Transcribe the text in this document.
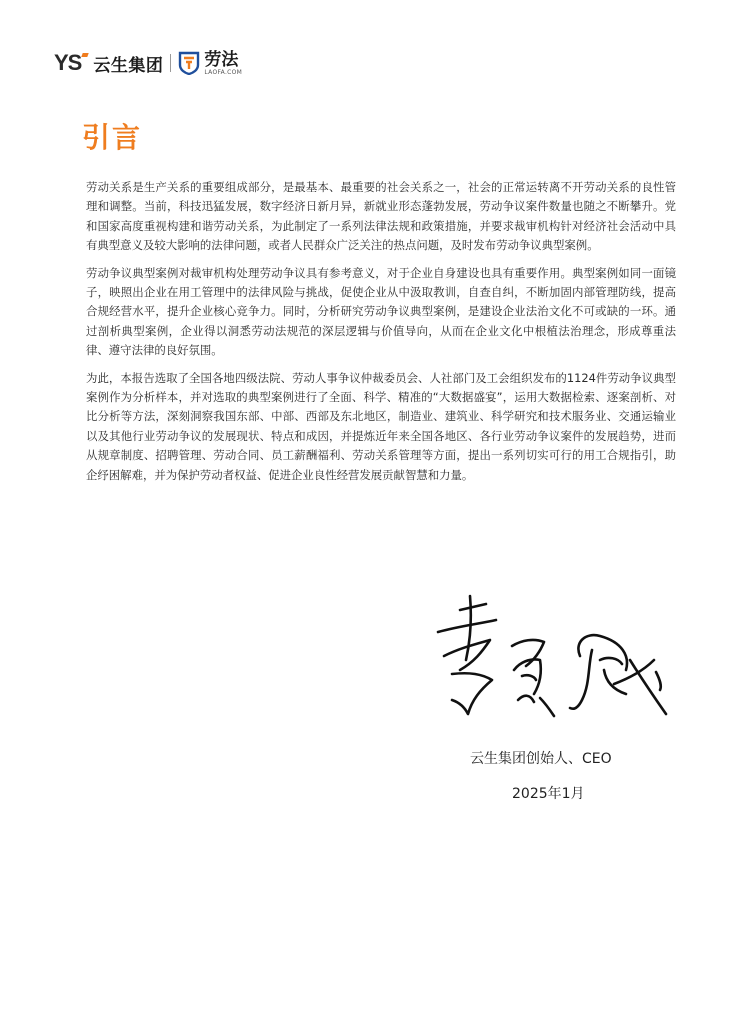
YS 云生集团 劳法
LAOFA.COM
引言

劳动关系是生产关系的重要组成部分，是最基本、最重要的社会关系之一，社会的正常运转离不开劳动关系的良性管理和调整。当前，科技迅猛发展，数字经济日新月异，新就业形态蓬勃发展，劳动争议案件数量也随之不断攀升。党和国家高度重视构建和谐劳动关系，为此制定了一系列法律法规和政策措施，并要求裁审机构针对经济社会活动中具有典型意义及较大影响的法律问题，或者人民群众广泛关注的热点问题，及时发布劳动争议典型案例。

劳动争议典型案例对裁审机构处理劳动争议具有参考意义，对于企业自身建设也具有重要作用。典型案例如同一面镜子，映照出企业在用工管理中的法律风险与挑战，促使企业从中汲取教训，自查自纠，不断加固内部管理防线，提高合规经营水平，提升企业核心竞争力。同时，分析研究劳动争议典型案例，是建设企业法治文化不可或缺的一环。通过剖析典型案例，企业得以洞悉劳动法规范的深层逻辑与价值导向，从而在企业文化中根植法治理念，形成尊重法律、遵守法律的良好氛围。

为此，本报告选取了全国各地四级法院、劳动人事争议仲裁委员会、人社部门及工会组织发布的1124件劳动争议典型案例作为分析样本，并对选取的典型案例进行了全面、科学、精准的“大数据盛宴”，运用大数据检索、逐案剖析、对比分析等方法，深刻洞察我国东部、中部、西部及东北地区，制造业、建筑业、科学研究和技术服务业、交通运输业以及其他行业劳动争议的发展现状、特点和成因，并提炼近年来全国各地区、各行业劳动争议案件的发展趋势，进而从规章制度、招聘管理、劳动合同、员工薪酬福利、劳动关系管理等方面，提出一系列切实可行的用工合规指引，助企纾困解难，并为保护劳动者权益、促进企业良性经营发展贡献智慧和力量。

云生集团创始人、CEO
2025年1月
